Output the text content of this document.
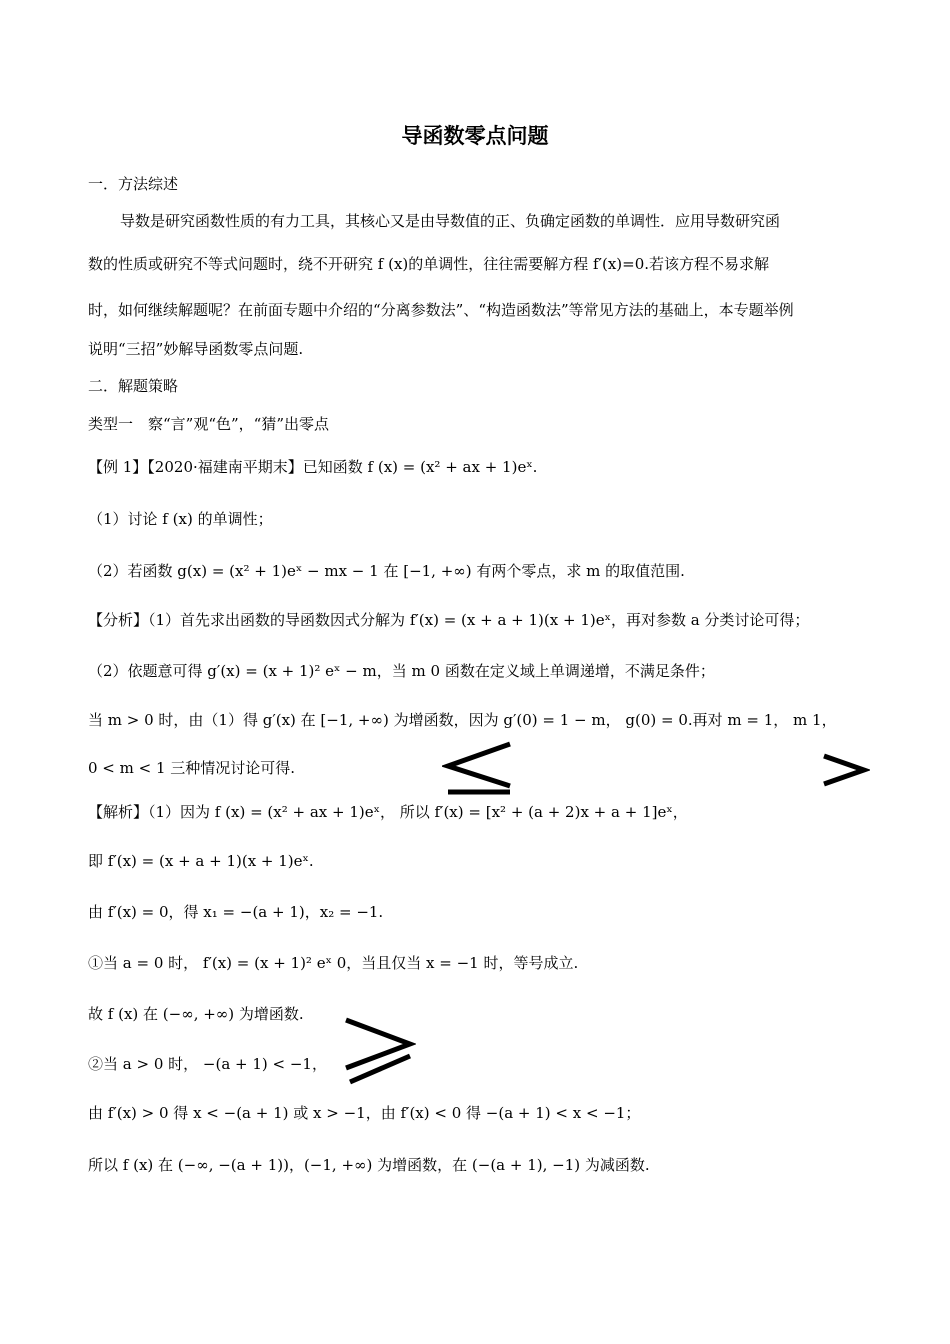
导函数零点问题
一．方法综述
导数是研究函数性质的有力工具，其核心又是由导数值的正、负确定函数的单调性．应用导数研究函
数的性质或研究不等式问题时，绕不开研究 f (x)的单调性，往往需要解方程 f′(x)=0.若该方程不易求解
时，如何继续解题呢？在前面专题中介绍的“分离参数法”、“构造函数法”等常见方法的基础上，本专题举例
说明“三招”妙解导函数零点问题.
二．解题策略
类型一　察“言”观“色”，“猜”出零点
【例 1】【2020·福建南平期末】已知函数 f (x) = (x² + ax + 1)eˣ.
（1）讨论 f (x) 的单调性；
（2）若函数 g(x) = (x² + 1)eˣ − mx − 1 在 [−1, +∞) 有两个零点，求 m 的取值范围.
【分析】（1）首先求出函数的导函数因式分解为 f′(x) = (x + a + 1)(x + 1)eˣ，再对参数 a 分类讨论可得；
（2）依题意可得 g′(x) = (x + 1)² eˣ − m，当 m 0 函数在定义域上单调递增，不满足条件；
当 m > 0 时，由（1）得 g′(x) 在 [−1, +∞) 为增函数，因为 g′(0) = 1 − m， g(0) = 0.再对 m = 1， m 1，
0 < m < 1 三种情况讨论可得.
【解析】（1）因为 f (x) = (x² + ax + 1)eˣ， 所以 f′(x) = [x² + (a + 2)x + a + 1]eˣ，
即 f′(x) = (x + a + 1)(x + 1)eˣ.
由 f′(x) = 0，得 x₁ = −(a + 1)，x₂ = −1.
①当 a = 0 时， f′(x) = (x + 1)² eˣ 0，当且仅当 x = −1 时，等号成立.
故 f (x) 在 (−∞, +∞) 为增函数.
②当 a > 0 时， −(a + 1) < −1，
由 f′(x) > 0 得 x < −(a + 1) 或 x > −1，由 f′(x) < 0 得 −(a + 1) < x < −1；
所以 f (x) 在 (−∞, −(a + 1))，(−1, +∞) 为增函数，在 (−(a + 1), −1) 为减函数.
